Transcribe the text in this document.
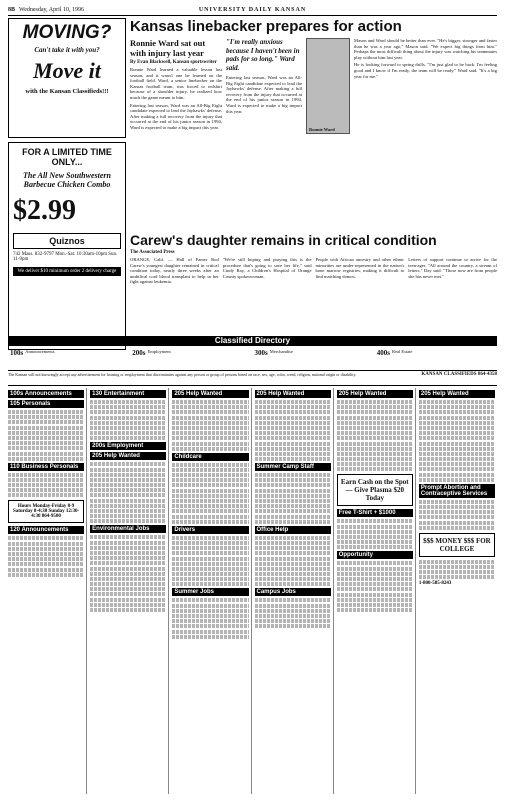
8B Wednesday, April 10, 1996	UNIVERSITY DAILY KANSAN
MOVING?
Can't take it with you?
Move it
with the Kansan Classifieds!!!
FOR A LIMITED TIME ONLY...
The All New Southwestern Barbecue Chicken Combo
$2.99
Quiznos
742 Mass. 832-9797 Mon.-Sat. 10:30am-10pm Sun. 11-9pm
We deliver $10 minimum order 2 delivery charge
Kansas linebacker prepares for action
Ronnie Ward sat out with injury last year
By Evan Blackwell, Kansan sportswriter
Ronnie Ward learned a valuable lesson last season, and it wasn't one he learned on the football field. Ward, a senior linebacker on the Kansas football team, was forced to redshirt because of a shoulder injury, he realized how much the game meant to him.
Entering last season, Ward was an All-Big Eight candidate expected to lead the Jayhawks' defense. After making a full recovery from the injury that occurred at the end of his junior season in 1994, Ward is expected to make a big impact this year.
"I'm really anxious because I haven't been in pads for so long." Ward said.
Entering last season, Ward was an All-Big Eight candidate expected to lead the Jayhawks' defense. After making a full recovery from the injury that occurred at the end of his junior season in 1994, Ward is expected to make a big impact this year.
Ronnie Ward
Mason and Ward should be better than ever. "He's bigger, stronger and faster than he was a year ago," Mason said. "We expect big things from him." Perhaps the most difficult thing about the injury was watching his teammates play without him last year.
He is looking forward to spring drills. "I'm just glad to be back. I'm feeling good and I know if I'm ready, the team will be ready," Ward said. "It's a big year for me."
Carew's daughter remains in critical condition
The Associated Press
ORANGE, Calif. — Hall of Famer Rod Carew's youngest daughter remained in critical condition today, nearly three weeks after an umbilical cord blood transplant to help in her fight against leukemia.
"We're still hoping and praying this is the procedure that's going to save her life," said Cindy Ray, a Children's Hospital of Orange County spokeswoman.
People with African ancestry and other ethnic minorities are under-represented in the nation's bone marrow registries, making it difficult to find matching donors.
Letters of support continue to arrive for the teen-ager. "All around the country, a stream of letters," Day said. "Those now are from people she has never met."
Classified Directory
100s Announcements	200s Employment	300s Merchandise	400s Real Estate
The Kansan will not knowingly accept any advertisement for housing or employment that discriminates against any person or group of persons based on race, sex, age, color, creed, religion, national origin or disability.	KANSAN CLASSIFIEDS 864-4358
100s Announcements
105 Personals
110 Business Personals
Hours Monday-Friday 8-9 Saturday 8-4:30 Sunday 12:30-4:30 864-9500
120 Announcements
130 Entertainment
200s Employment
205 Help Wanted
Environmental Jobs
205 Help Wanted
Childcare
Drivers
Summer Jobs
205 Help Wanted
Summer Camp Staff
Office Help
Campus Jobs
205 Help Wanted
Earn Cash on the Spot — Give Plasma $20 Today
Free T-Shirt + $1000
Opportunity
205 Help Wanted
Prompt Abortion and Contraceptive Services
$$$ MONEY $$$ FOR COLLEGE
1-800-585-8243
